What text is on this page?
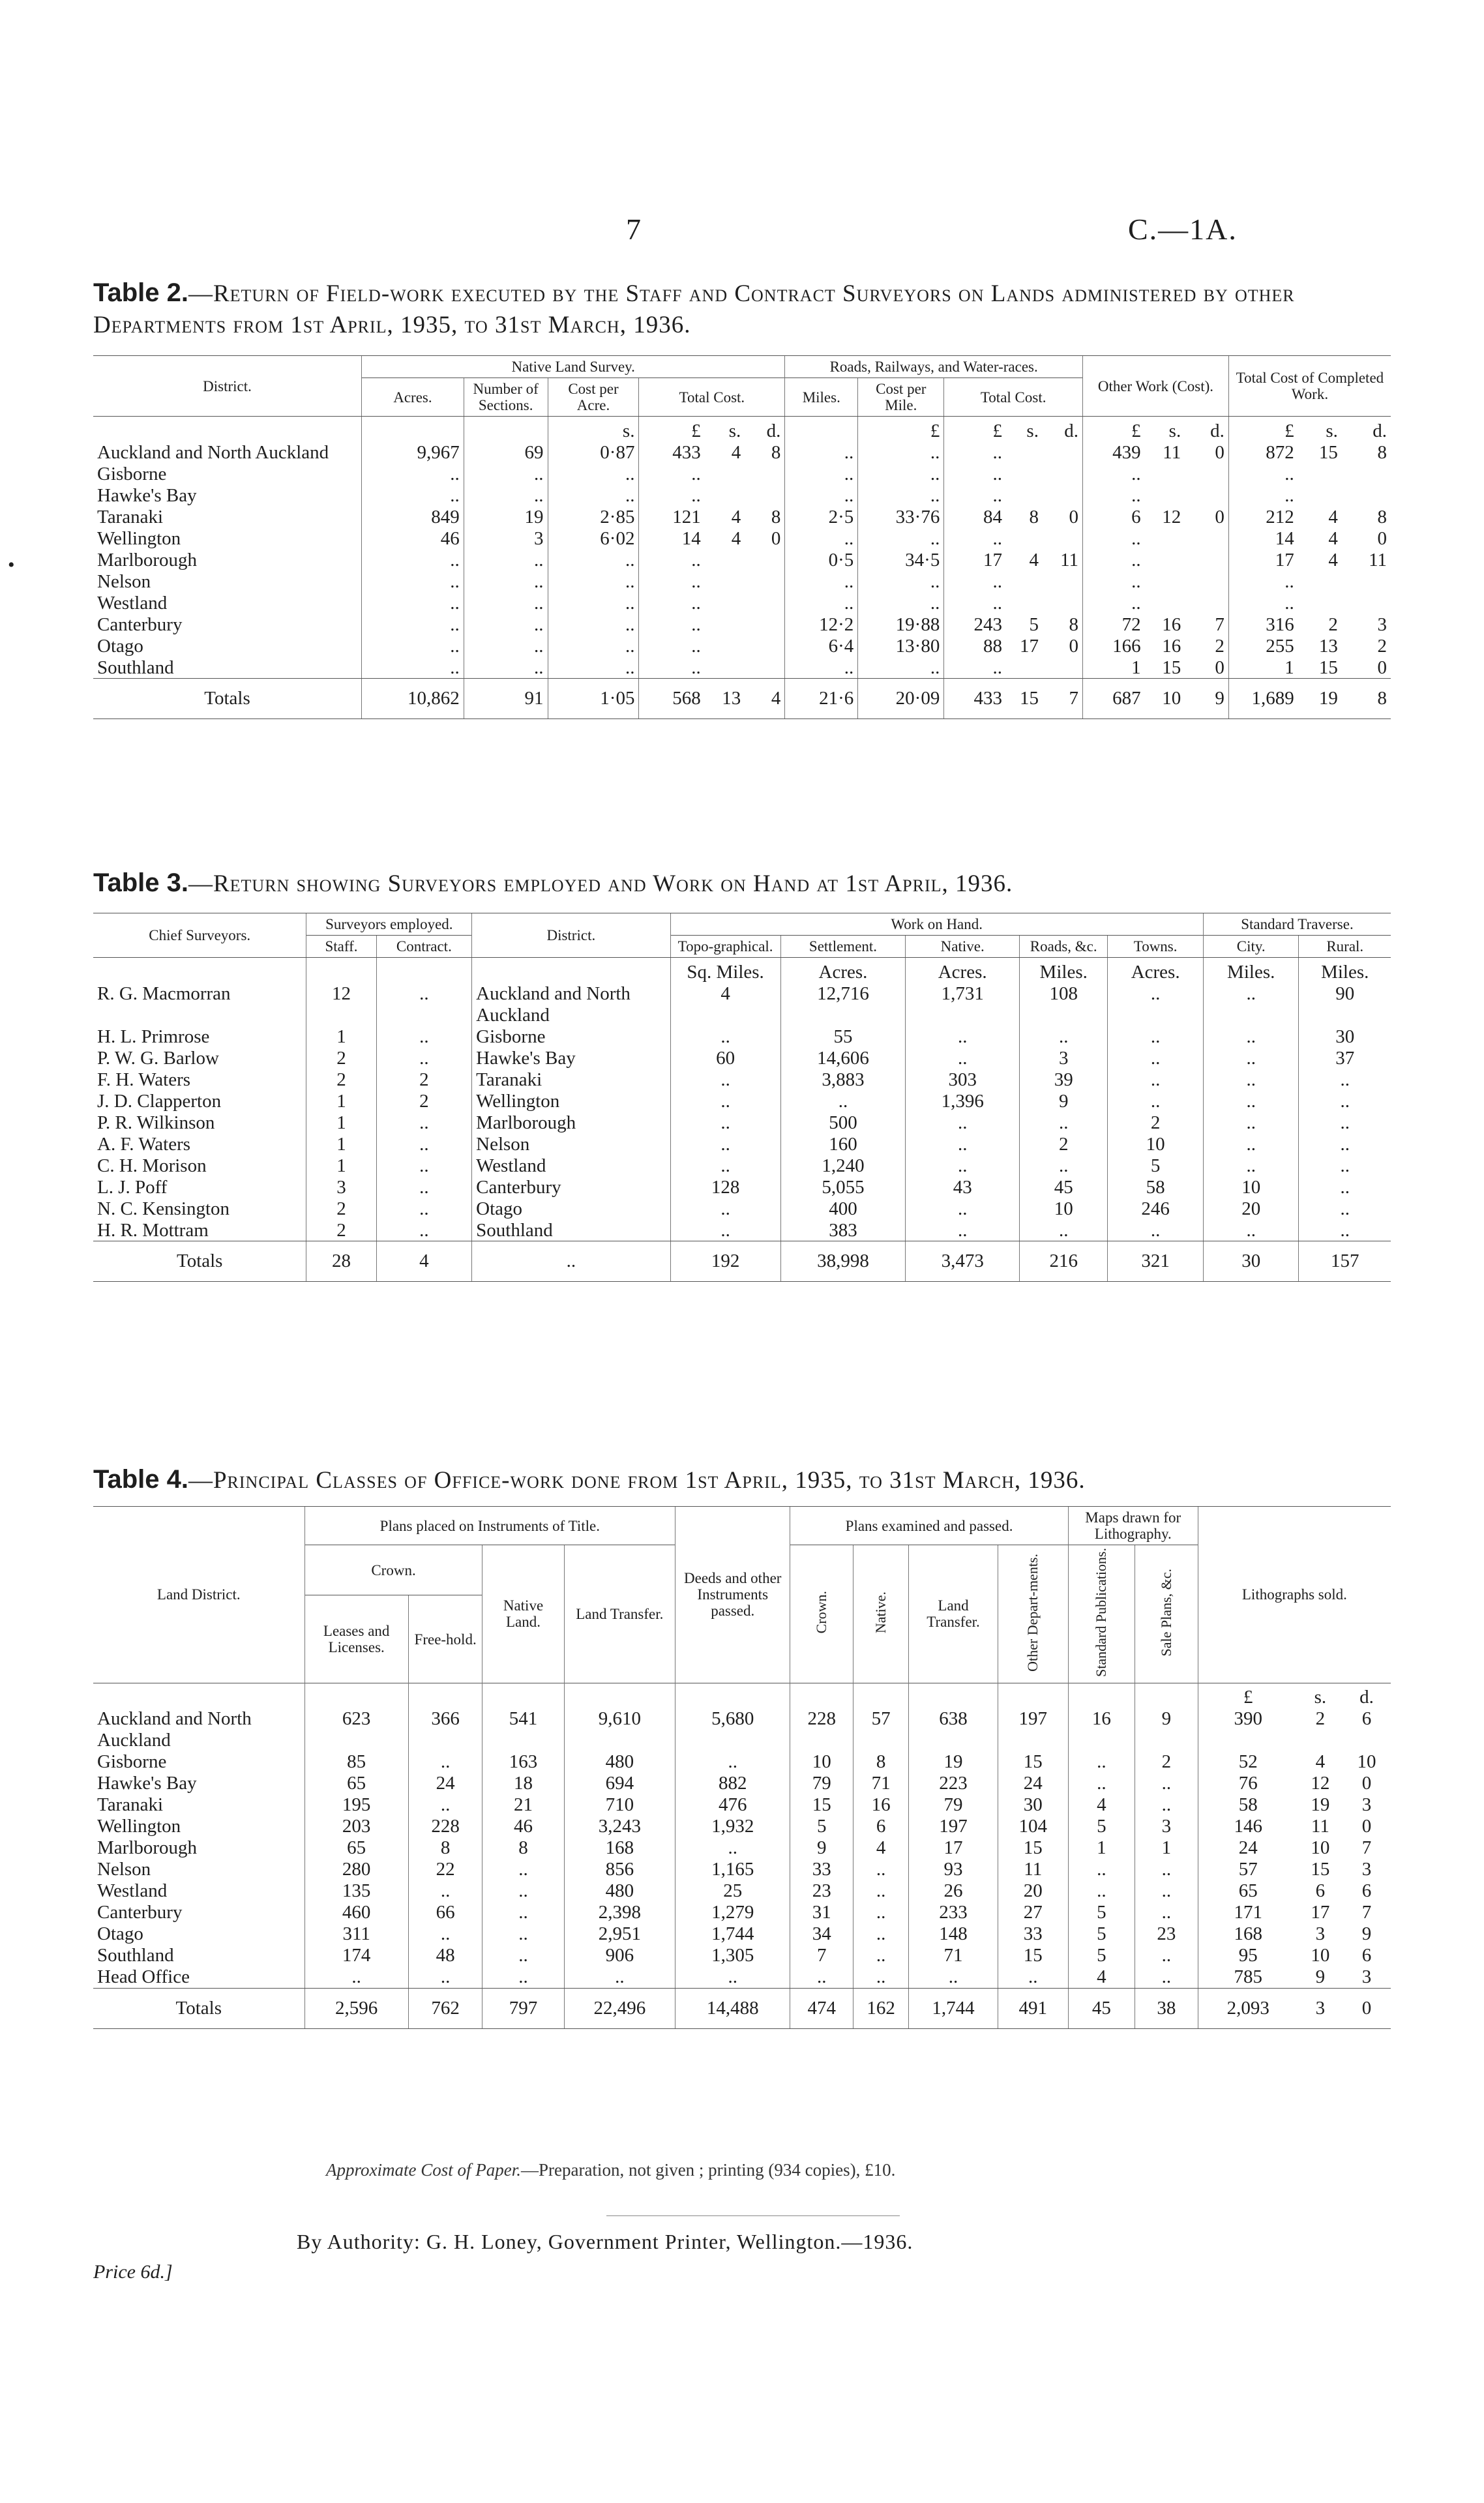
•
7	C.—1A.
Table 2.—Return of Field-work executed by the Staff and Contract Surveyors on Lands administered by other Departments from 1st April, 1935, to 31st March, 1936.
District.	Native Land Survey.						Roads, Railways, and Water-races.					Other Work (Cost).			Total Cost of Completed Work.		
	Acres.	Number of Sections.	Cost per Acre.	Total Cost.			Miles.	Cost per Mile.	Total Cost.								

			s.	£	s.	d.		£	£	s.	d.	£	s.	d.	£	s.	d.
Auckland and North Auckland	9,967	69	0·87	433	4	8	..	..	..			439	11	0	872	15	8
Gisborne	..	..	..	..			..	..	..			..			..		
Hawke's Bay	..	..	..	..			..	..	..			..			..		
Taranaki	849	19	2·85	121	4	8	2·5	33·76	84	8	0	6	12	0	212	4	8
Wellington	46	3	6·02	14	4	0	..	..	..			..			14	4	0
Marlborough	..	..	..	..			0·5	34·5	17	4	11	..			17	4	11
Nelson	..	..	..	..			..	..	..			..			..		
Westland	..	..	..	..			..	..	..			..			..		
Canterbury	..	..	..	..			12·2	19·88	243	5	8	72	16	7	316	2	3
Otago	..	..	..	..			6·4	13·80	88	17	0	166	16	2	255	13	2
Southland	..	..	..	..			..	..	..			1	15	0	1	15	0

Totals	10,862	91	1·05	568	13	4	21·6	20·09	433	15	7	687	10	9	1,689	19	8
Table 3.—Return showing Surveyors employed and Work on Hand at 1st April, 1936.
Chief Surveyors.	Surveyors employed.		District.	Work on Hand.					Standard Traverse.	
	Staff.	Contract.		Topo-graphical.	Settlement.	Native.	Roads, &c.	Towns.	City.	Rural.

				Sq. Miles.	Acres.	Acres.	Miles.	Acres.	Miles.	Miles.
R. G. Macmorran	12	..	Auckland and North Auckland	4	12,716	1,731	108	..	..	90
H. L. Primrose	1	..	Gisborne	..	55	..	..	..	..	30
P. W. G. Barlow	2	..	Hawke's Bay	60	14,606	..	3	..	..	37
F. H. Waters	2	2	Taranaki	..	3,883	303	39	..	..	..
J. D. Clapperton	1	2	Wellington	..	..	1,396	9	..	..	..
P. R. Wilkinson	1	..	Marlborough	..	500	..	..	2	..	..
A. F. Waters	1	..	Nelson	..	160	..	2	10	..	..
C. H. Morison	1	..	Westland	..	1,240	..	..	5	..	..
L. J. Poff	3	..	Canterbury	128	5,055	43	45	58	10	..
N. C. Kensington	2	..	Otago	..	400	..	10	246	20	..
H. R. Mottram	2	..	Southland	..	383	..	..	..	..	..

Totals	28	4	..	192	38,998	3,473	216	321	30	157
Table 4.—Principal Classes of Office-work done from 1st April, 1935, to 31st March, 1936.
Land District.	Plans placed on Instruments of Title.				Deeds and other Instruments passed.	Plans examined and passed.				Maps drawn for Lithography.		Lithographs sold.		
	Crown.		Native Land.	Land Transfer.		Crown.	Native.	Land Transfer.	Other Depart-ments.	Standard Publications.	Sale Plans, &c.			
	Leases and Licenses.	Free-hold.												

												£	s.	d.
Auckland and North Auckland	623	366	541	9,610	5,680	228	57	638	197	16	9	390	2	6
Gisborne	85	..	163	480	..	10	8	19	15	..	2	52	4	10
Hawke's Bay	65	24	18	694	882	79	71	223	24	..	..	76	12	0
Taranaki	195	..	21	710	476	15	16	79	30	4	..	58	19	3
Wellington	203	228	46	3,243	1,932	5	6	197	104	5	3	146	11	0
Marlborough	65	8	8	168	..	9	4	17	15	1	1	24	10	7
Nelson	280	22	..	856	1,165	33	..	93	11	..	..	57	15	3
Westland	135	..	..	480	25	23	..	26	20	..	..	65	6	6
Canterbury	460	66	..	2,398	1,279	31	..	233	27	5	..	171	17	7
Otago	311	..	..	2,951	1,744	34	..	148	33	5	23	168	3	9
Southland	174	48	..	906	1,305	7	..	71	15	5	..	95	10	6
Head Office	..	..	..	..	..	..	..	..	..	4	..	785	9	3

Totals	2,596	762	797	22,496	14,488	474	162	1,744	491	45	38	2,093	3	0
Approximate Cost of Paper.—Preparation, not given ; printing (934 copies), £10.
By Authority: G. H. Loney, Government Printer, Wellington.—1936.
Price 6d.]
